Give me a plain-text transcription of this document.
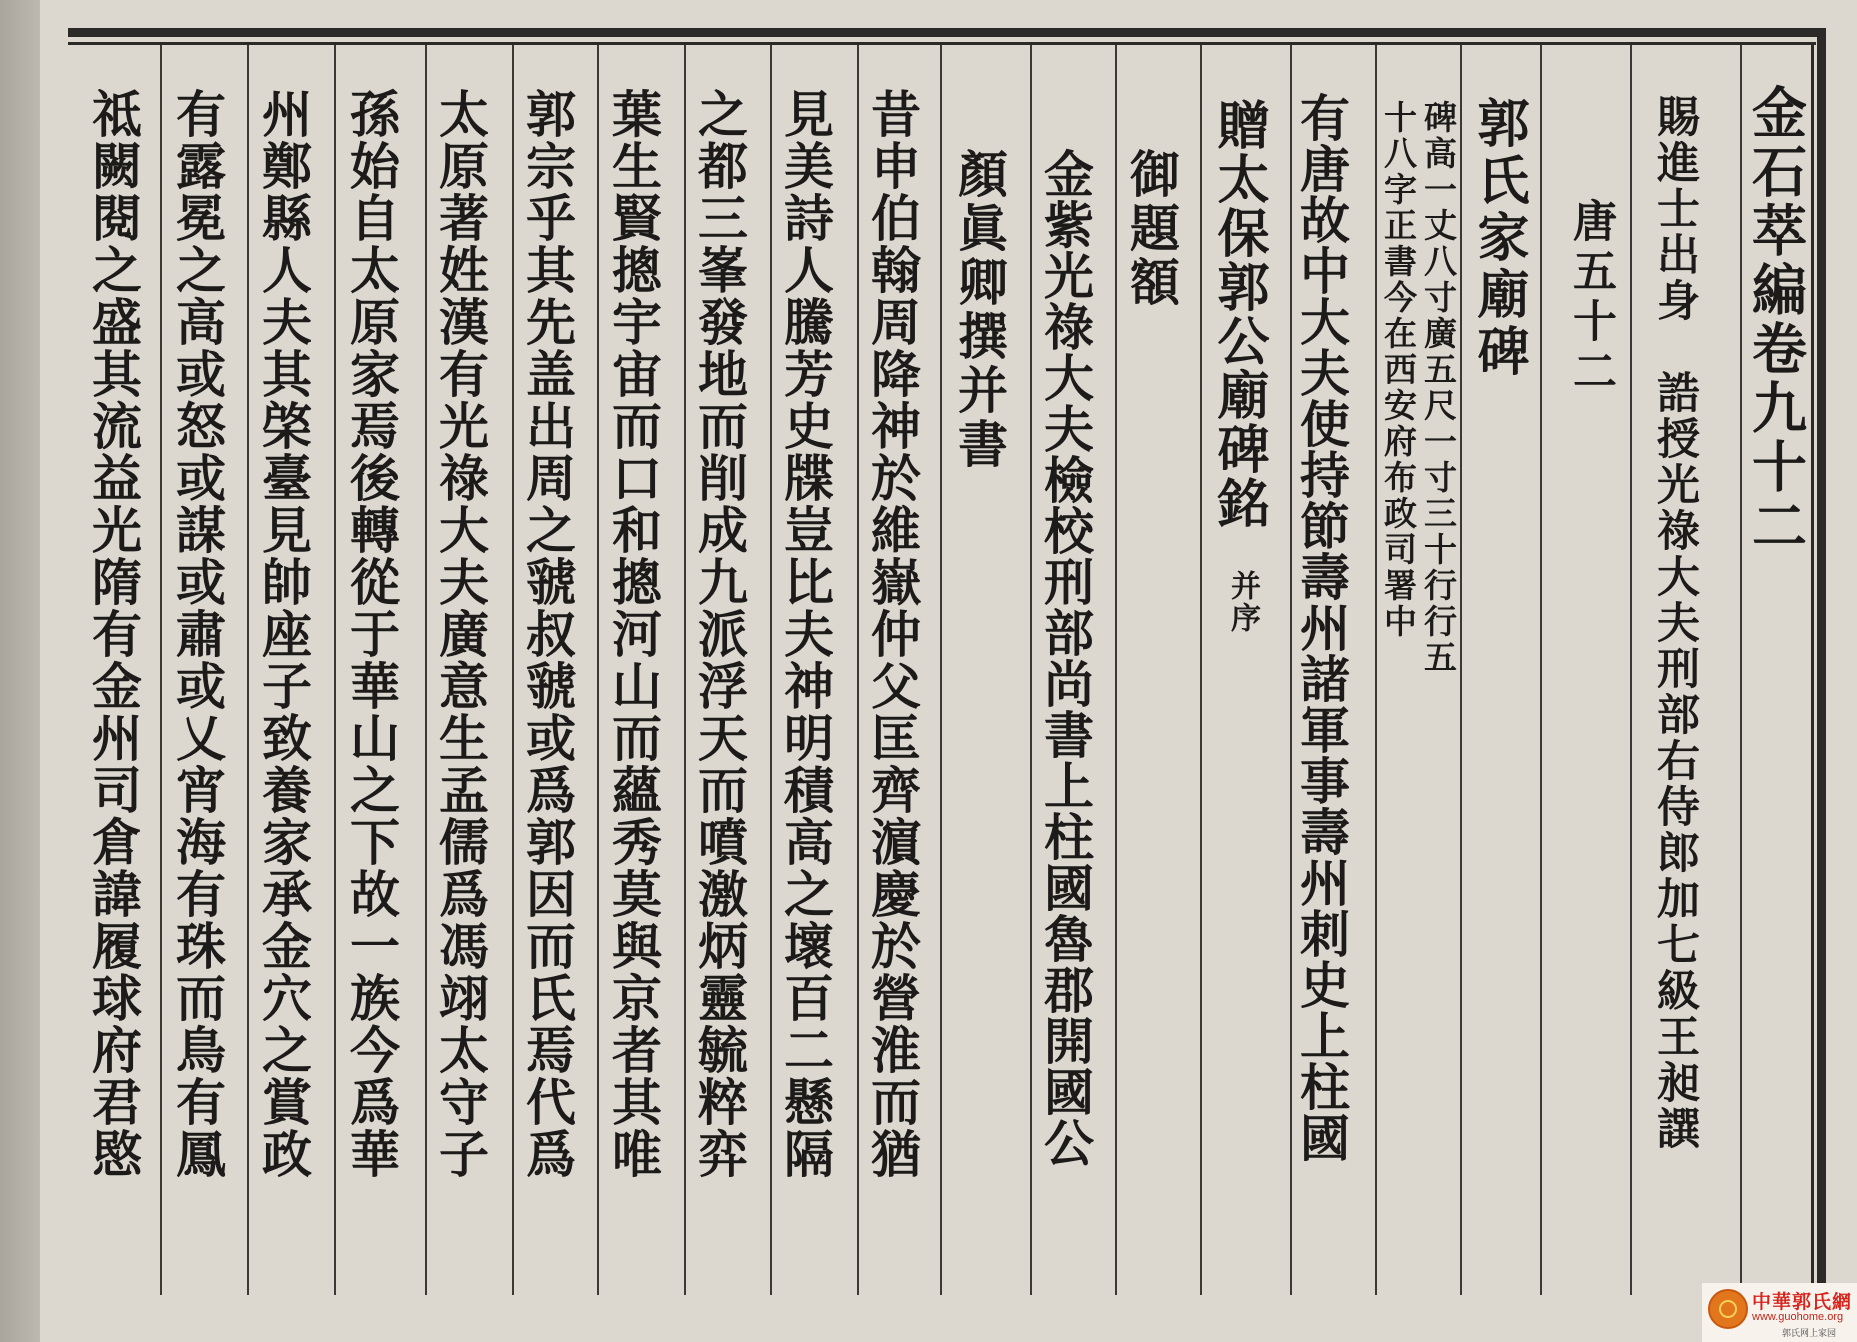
金石萃編卷九十二
賜進士出身　誥授光祿大夫刑部右侍郎加七級王昶譔
唐五十二
郭氏家廟碑
碑高一丈八寸廣五尺一寸三十行行五
十八字正書今在西安府布政司署中
有唐故中大夫使持節壽州諸軍事壽州刺史上柱國
贈太保郭公廟碑銘
并序
御題額
金紫光祿大夫檢校刑部尚書上柱國魯郡開國公
顏眞卿撰并書
昔申伯翰周降神於維嶽仲父匡齊濵慶於營淮而猶
見美詩人騰芳史牒豈比夫神明積高之壞百二懸隔
之都三峯發地而削成九派浮天而噴激炳靈毓粹弈
葉生賢摠宇宙而口和摠河山而蘊秀莫與京者其唯
郭宗乎其先盖出周之虢叔虢或爲郭因而氏焉代爲
太原著姓漢有光祿大夫廣意生孟儒爲馮翊太守子
孫始自太原家焉後轉從于華山之下故一族今爲華
州鄭縣人夫其棨臺見帥座子致養家承金穴之賞政
有露冕之高或怒或謀或肅或乂宵海有珠而鳥有鳳
祗闕閱之盛其流益光隋有金州司倉諱履球府君愍
中華郭氏網
www.guohome.org
郭氏网上家园
